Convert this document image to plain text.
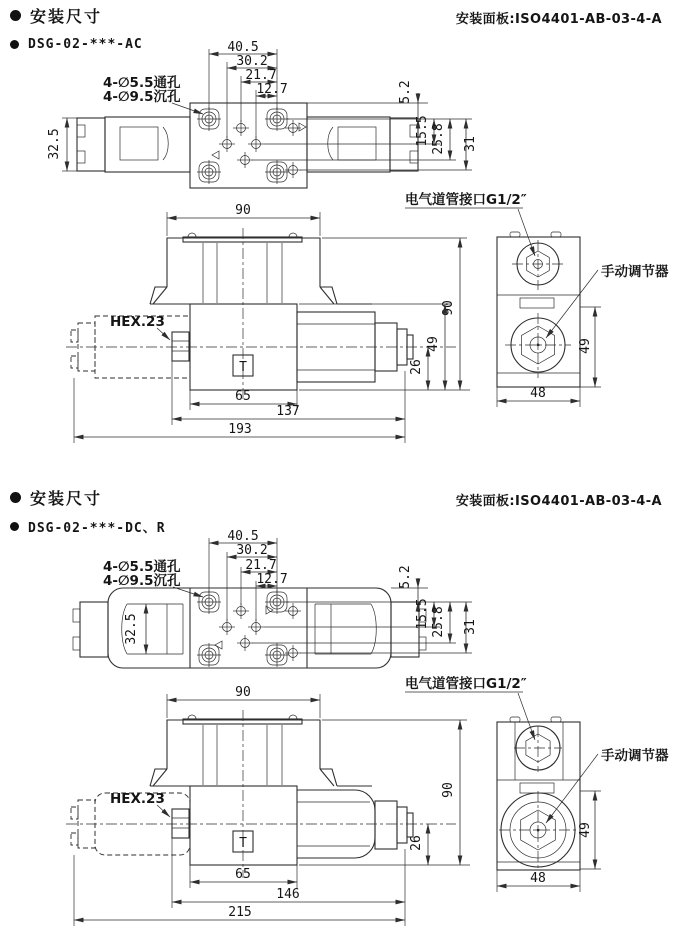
安装尺寸	安装面板:ISO4401-AB-03-4-A
DSG-02-***-AC	40.5
30.2
21.7
12.7	5.2
15.5 25.8 31
32.5
4-∅5.5通孔
4-∅9.5沉孔
T
90
90
49
26
65
137
193
HEX.23
48
49
电气道管接口G1/2″
手动调节器
安装尺寸	安装面板:ISO4401-AB-03-4-A
DSG-02-***-DC、R
40.5
30.2
21.7
12.7	5.2
15.5 25.8 31
32.5
4-∅5.5通孔
4-∅9.5沉孔
T
90
90
26
65
146
215
HEX.23
48
49
电气道管接口G1/2″
手动调节器
